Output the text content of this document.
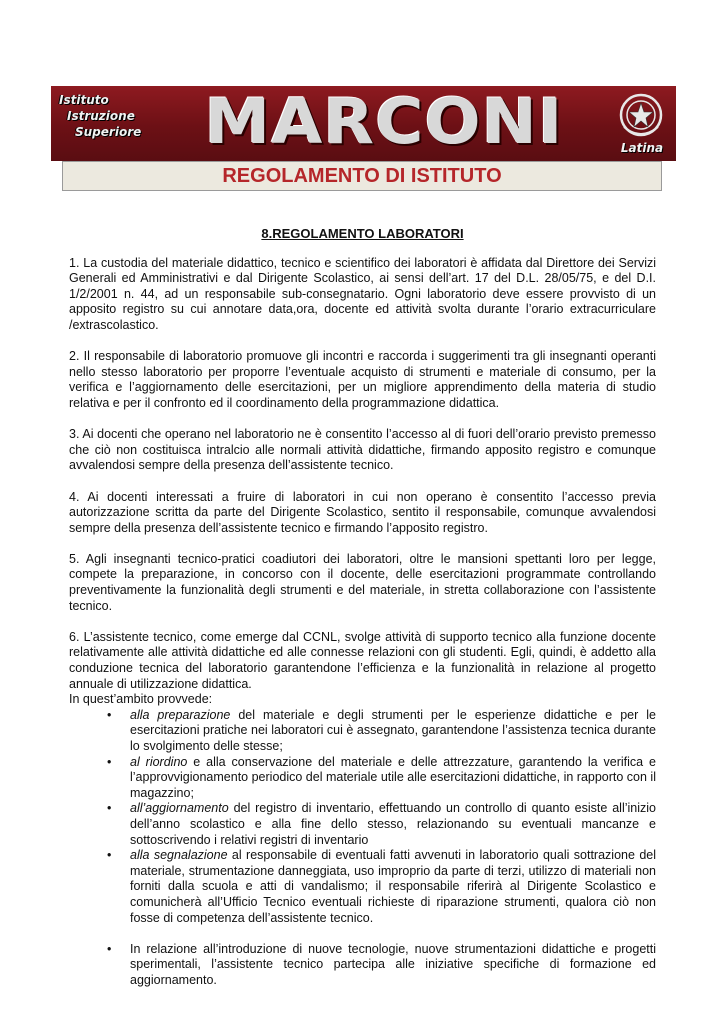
Istituto
Istruzione
Superiore MARCONI	Latina
REGOLAMENTO DI ISTITUTO
8.REGOLAMENTO LABORATORI

1. La custodia del materiale didattico, tecnico e scientifico dei laboratori è affidata dal Direttore dei Servizi Generali ed Amministrativi e dal Dirigente Scolastico, ai sensi dell’art. 17 del D.L. 28/05/75, e del D.I. 1/2/2001 n. 44, ad un responsabile sub-consegnatario. Ogni laboratorio deve essere provvisto di un apposito registro su cui annotare data,ora, docente ed attività svolta durante l’orario extracurriculare /extrascolastico.

2. Il responsabile di laboratorio promuove gli incontri e raccorda i suggerimenti tra gli insegnanti operanti nello stesso laboratorio per proporre l’eventuale acquisto di strumenti e materiale di consumo, per la verifica e l’aggiornamento delle esercitazioni, per un migliore apprendimento della materia di studio relativa e per il confronto ed il coordinamento della programmazione didattica.

3. Ai docenti che operano nel laboratorio ne è consentito l’accesso al di fuori dell’orario previsto premesso che ciò non costituisca intralcio alle normali attività didattiche, firmando apposito registro e comunque avvalendosi sempre della presenza dell’assistente tecnico.

4. Ai docenti interessati a fruire di laboratori in cui non operano è consentito l’accesso previa autorizzazione scritta da parte del Dirigente Scolastico, sentito il responsabile, comunque avvalendosi sempre della presenza dell’assistente tecnico e firmando l’apposito registro.

5. Agli insegnanti tecnico-pratici coadiutori dei laboratori, oltre le mansioni spettanti loro per legge, compete la preparazione, in concorso con il docente, delle esercitazioni programmate controllando preventivamente la funzionalità degli strumenti e del materiale, in stretta collaborazione con l’assistente tecnico.

6. L’assistente tecnico, come emerge dal CCNL, svolge attività di supporto tecnico alla funzione docente relativamente alle attività didattiche ed alle connesse relazioni con gli studenti. Egli, quindi, è addetto alla conduzione tecnica del laboratorio garantendone l’efficienza e la funzionalità in relazione al progetto annuale di utilizzazione didattica.

In quest’ambito provvede:

• alla preparazione del materiale e degli strumenti per le esperienze didattiche e per le esercitazioni pratiche nei laboratori cui è assegnato, garantendone l’assistenza tecnica durante lo svolgimento delle stesse;
• al riordino e alla conservazione del materiale e delle attrezzature, garantendo la verifica e l’approvvigionamento periodico del materiale utile alle esercitazioni didattiche, in rapporto con il magazzino;
• all’aggiornamento del registro di inventario, effettuando un controllo di quanto esiste all’inizio dell’anno scolastico e alla fine dello stesso, relazionando su eventuali mancanze e sottoscrivendo i relativi registri di inventario
• alla segnalazione al responsabile di eventuali fatti avvenuti in laboratorio quali sottrazione del materiale, strumentazione danneggiata, uso improprio da parte di terzi, utilizzo di materiali non forniti dalla scuola e atti di vandalismo; il responsabile riferirà al Dirigente Scolastico e comunicherà all’Ufficio Tecnico eventuali richieste di riparazione strumenti, qualora ciò non fosse di competenza dell’assistente tecnico.
• In relazione all’introduzione di nuove tecnologie, nuove strumentazioni didattiche e progetti sperimentali, l’assistente tecnico partecipa alle iniziative specifiche di formazione ed aggiornamento.
